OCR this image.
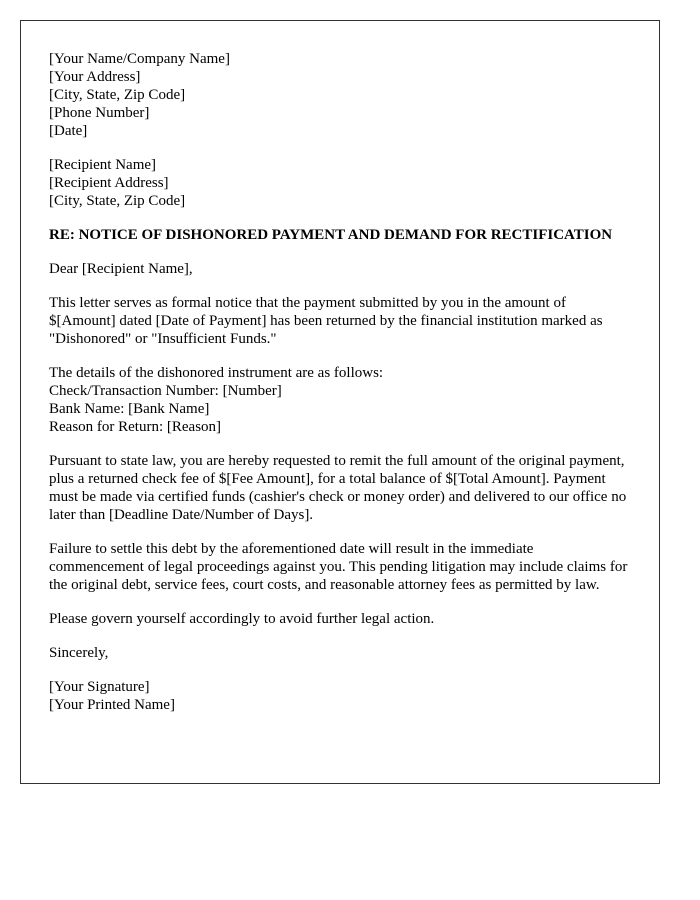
[Your Name/Company Name]
[Your Address]
[City, State, Zip Code]
[Phone Number]
[Date]
[Recipient Name]
[Recipient Address]
[City, State, Zip Code]
RE: NOTICE OF DISHONORED PAYMENT AND DEMAND FOR RECTIFICATION

Dear [Recipient Name],

This letter serves as formal notice that the payment submitted by you in the amount of $[Amount] dated [Date of Payment] has been returned by the financial institution marked as "Dishonored" or "Insufficient Funds."

The details of the dishonored instrument are as follows:
Check/Transaction Number: [Number]
Bank Name: [Bank Name]
Reason for Return: [Reason]

Pursuant to state law, you are hereby requested to remit the full amount of the original payment, plus a returned check fee of $[Fee Amount], for a total balance of $[Total Amount]. Payment must be made via certified funds (cashier's check or money order) and delivered to our office no later than [Deadline Date/Number of Days].

Failure to settle this debt by the aforementioned date will result in the immediate commencement of legal proceedings against you. This pending litigation may include claims for the original debt, service fees, court costs, and reasonable attorney fees as permitted by law.

Please govern yourself accordingly to avoid further legal action.

Sincerely,

[Your Signature]
[Your Printed Name]
